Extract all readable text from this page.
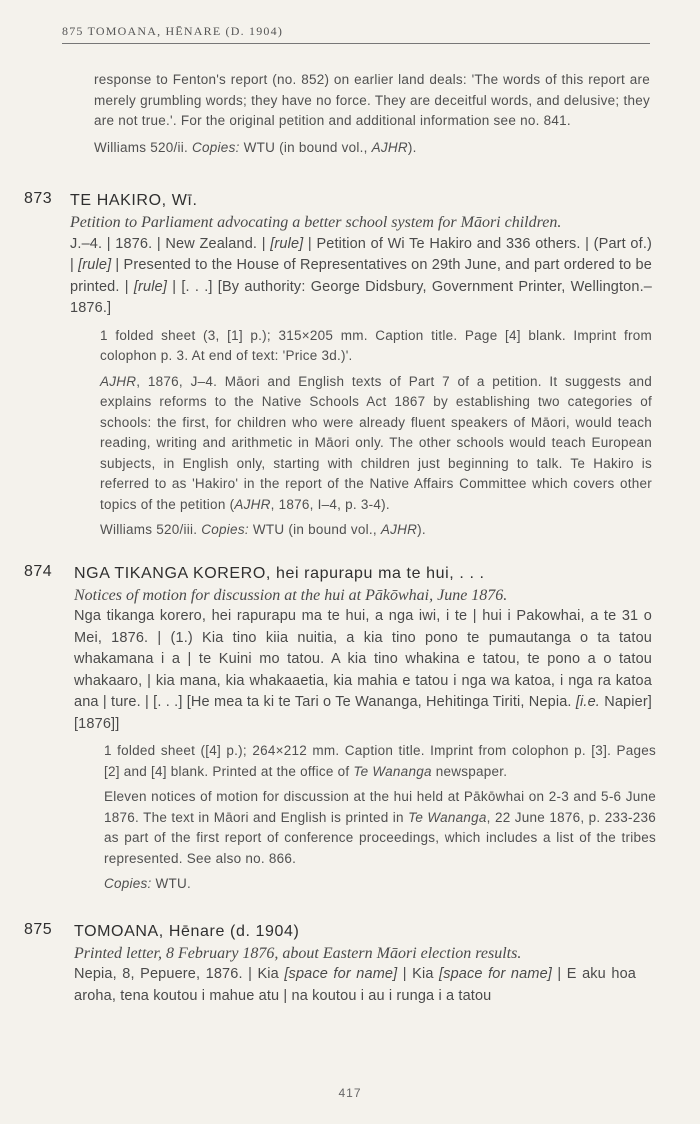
875 TOMOANA, HĒNARE (D. 1904)

response to Fenton's report (no. 852) on earlier land deals: 'The words of this report are merely grumbling words; they have no force. They are deceitful words, and delusive; they are not true.'. For the original petition and additional information see no. 841.

Williams 520/ii. Copies: WTU (in bound vol., AJHR).

873 TE HAKIRO, Wī.

Petition to Parliament advocating a better school system for Māori children.

J.–4. | 1876. | New Zealand. | [rule] | Petition of Wi Te Hakiro and 336 others. | (Part of.) | [rule] | Presented to the House of Representatives on 29th June, and part ordered to be printed. | [rule] | [. . .] [By authority: George Didsbury, Government Printer, Wellington.–1876.]

1 folded sheet (3, [1] p.); 315×205 mm. Caption title. Page [4] blank. Imprint from colophon p. 3. At end of text: 'Price 3d.)'.

AJHR, 1876, J–4. Māori and English texts of Part 7 of a petition. It suggests and explains reforms to the Native Schools Act 1867 by establishing two categories of schools: the first, for children who were already fluent speakers of Māori, would teach reading, writing and arithmetic in Māori only. The other schools would teach European subjects, in English only, starting with children just beginning to talk. Te Hakiro is referred to as 'Hakiro' in the report of the Native Affairs Committee which covers other topics of the petition (AJHR, 1876, I–4, p. 3-4).

Williams 520/iii. Copies: WTU (in bound vol., AJHR).

874 NGA TIKANGA KORERO, hei rapurapu ma te hui, . . .

Notices of motion for discussion at the hui at Pākōwhai, June 1876.

Nga tikanga korero, hei rapurapu ma te hui, a nga iwi, i te | hui i Pakowhai, a te 31 o Mei, 1876. | (1.) Kia tino kiia nuitia, a kia tino pono te pumautanga o ta tatou whakamana i a | te Kuini mo tatou. A kia tino whakina e tatou, te pono a o tatou whakaaro, | kia mana, kia whakaaetia, kia mahia e tatou i nga wa katoa, i nga ra katoa ana | ture. | [. . .] [He mea ta ki te Tari o Te Wananga, Hehitinga Tiriti, Nepia. [i.e. Napier] [1876]]

1 folded sheet ([4] p.); 264×212 mm. Caption title. Imprint from colophon p. [3]. Pages [2] and [4] blank. Printed at the office of Te Wananga newspaper.

Eleven notices of motion for discussion at the hui held at Pākōwhai on 2-3 and 5-6 June 1876. The text in Māori and English is printed in Te Wananga, 22 June 1876, p. 233-236 as part of the first report of conference proceedings, which includes a list of the tribes represented. See also no. 866.

Copies: WTU.

875 TOMOANA, Hēnare (d. 1904)

Printed letter, 8 February 1876, about Eastern Māori election results.

Nepia, 8, Pepuere, 1876. | Kia [space for name] | Kia [space for name] | E aku hoa aroha, tena koutou i mahue atu | na koutou i au i runga i a tatou

417
